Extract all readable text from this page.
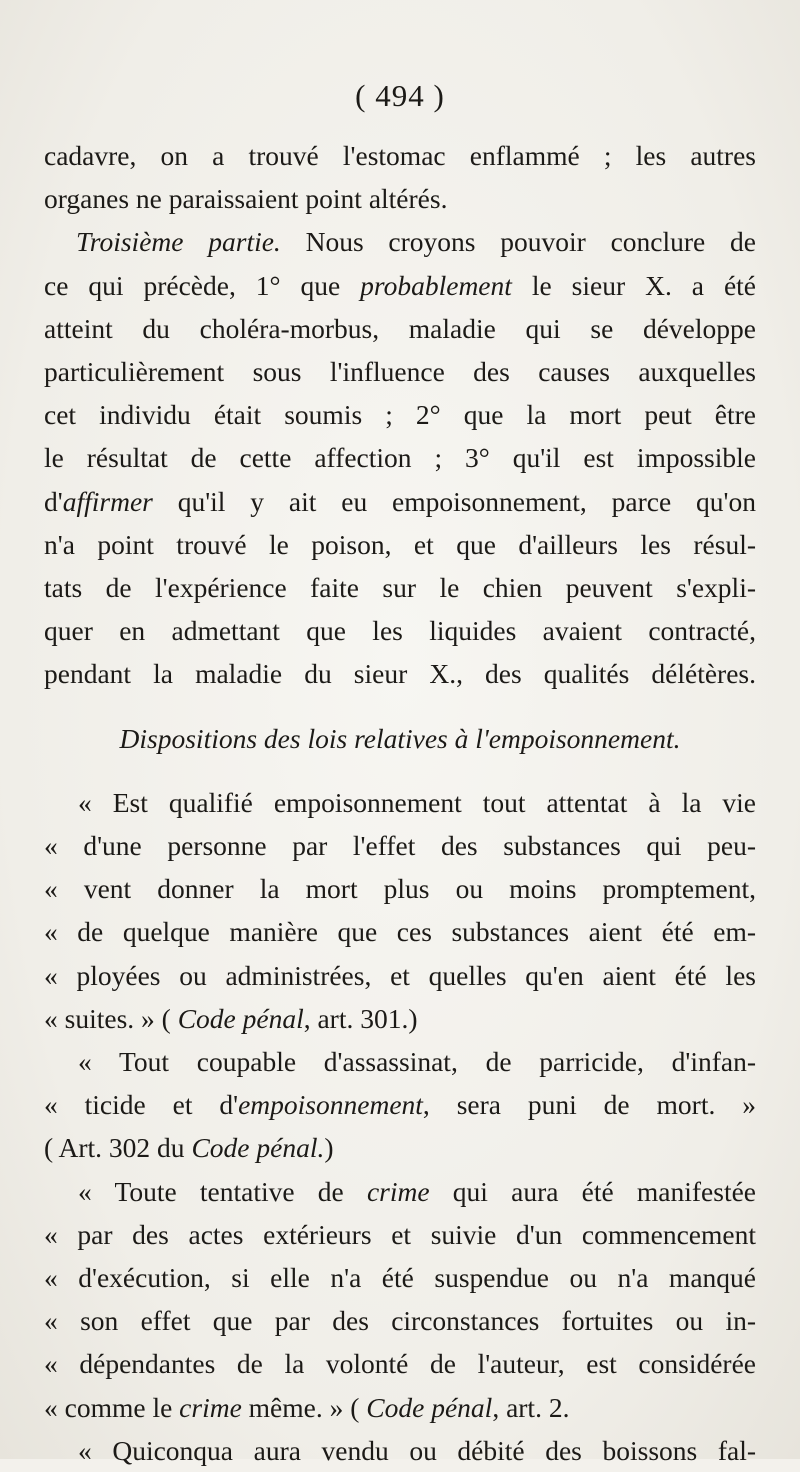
( 494 )
cadavre, on a trouvé l'estomac enflammé ; les autres
organes ne paraissaient point altérés.
Troisième partie. Nous croyons pouvoir conclure de
ce qui précède, 1° que probablement le sieur X. a été
atteint du choléra-morbus, maladie qui se développe
particulièrement sous l'influence des causes auxquelles
cet individu était soumis ; 2° que la mort peut être
le résultat de cette affection ; 3° qu'il est impossible
d'affirmer qu'il y ait eu empoisonnement, parce qu'on
n'a point trouvé le poison, et que d'ailleurs les résul-
tats de l'expérience faite sur le chien peuvent s'expli-
quer en admettant que les liquides avaient contracté,
pendant la maladie du sieur X., des qualités délétères.
Dispositions des lois relatives à l'empoisonnement.
« Est qualifié empoisonnement tout attentat à la vie
« d'une personne par l'effet des substances qui peu-
« vent donner la mort plus ou moins promptement,
« de quelque manière que ces substances aient été em-
« ployées ou administrées, et quelles qu'en aient été les
« suites. » ( Code pénal, art. 301.)
« Tout coupable d'assassinat, de parricide, d'infan-
« ticide et d'empoisonnement, sera puni de mort. »
( Art. 302 du Code pénal.)
« Toute tentative de crime qui aura été manifestée
« par des actes extérieurs et suivie d'un commencement
« d'exécution, si elle n'a été suspendue ou n'a manqué
« son effet que par des circonstances fortuites ou in-
« dépendantes de la volonté de l'auteur, est considérée
« comme le crime même. » ( Code pénal, art. 2.
« Quiconqua aura vendu ou débité des boissons fal-
